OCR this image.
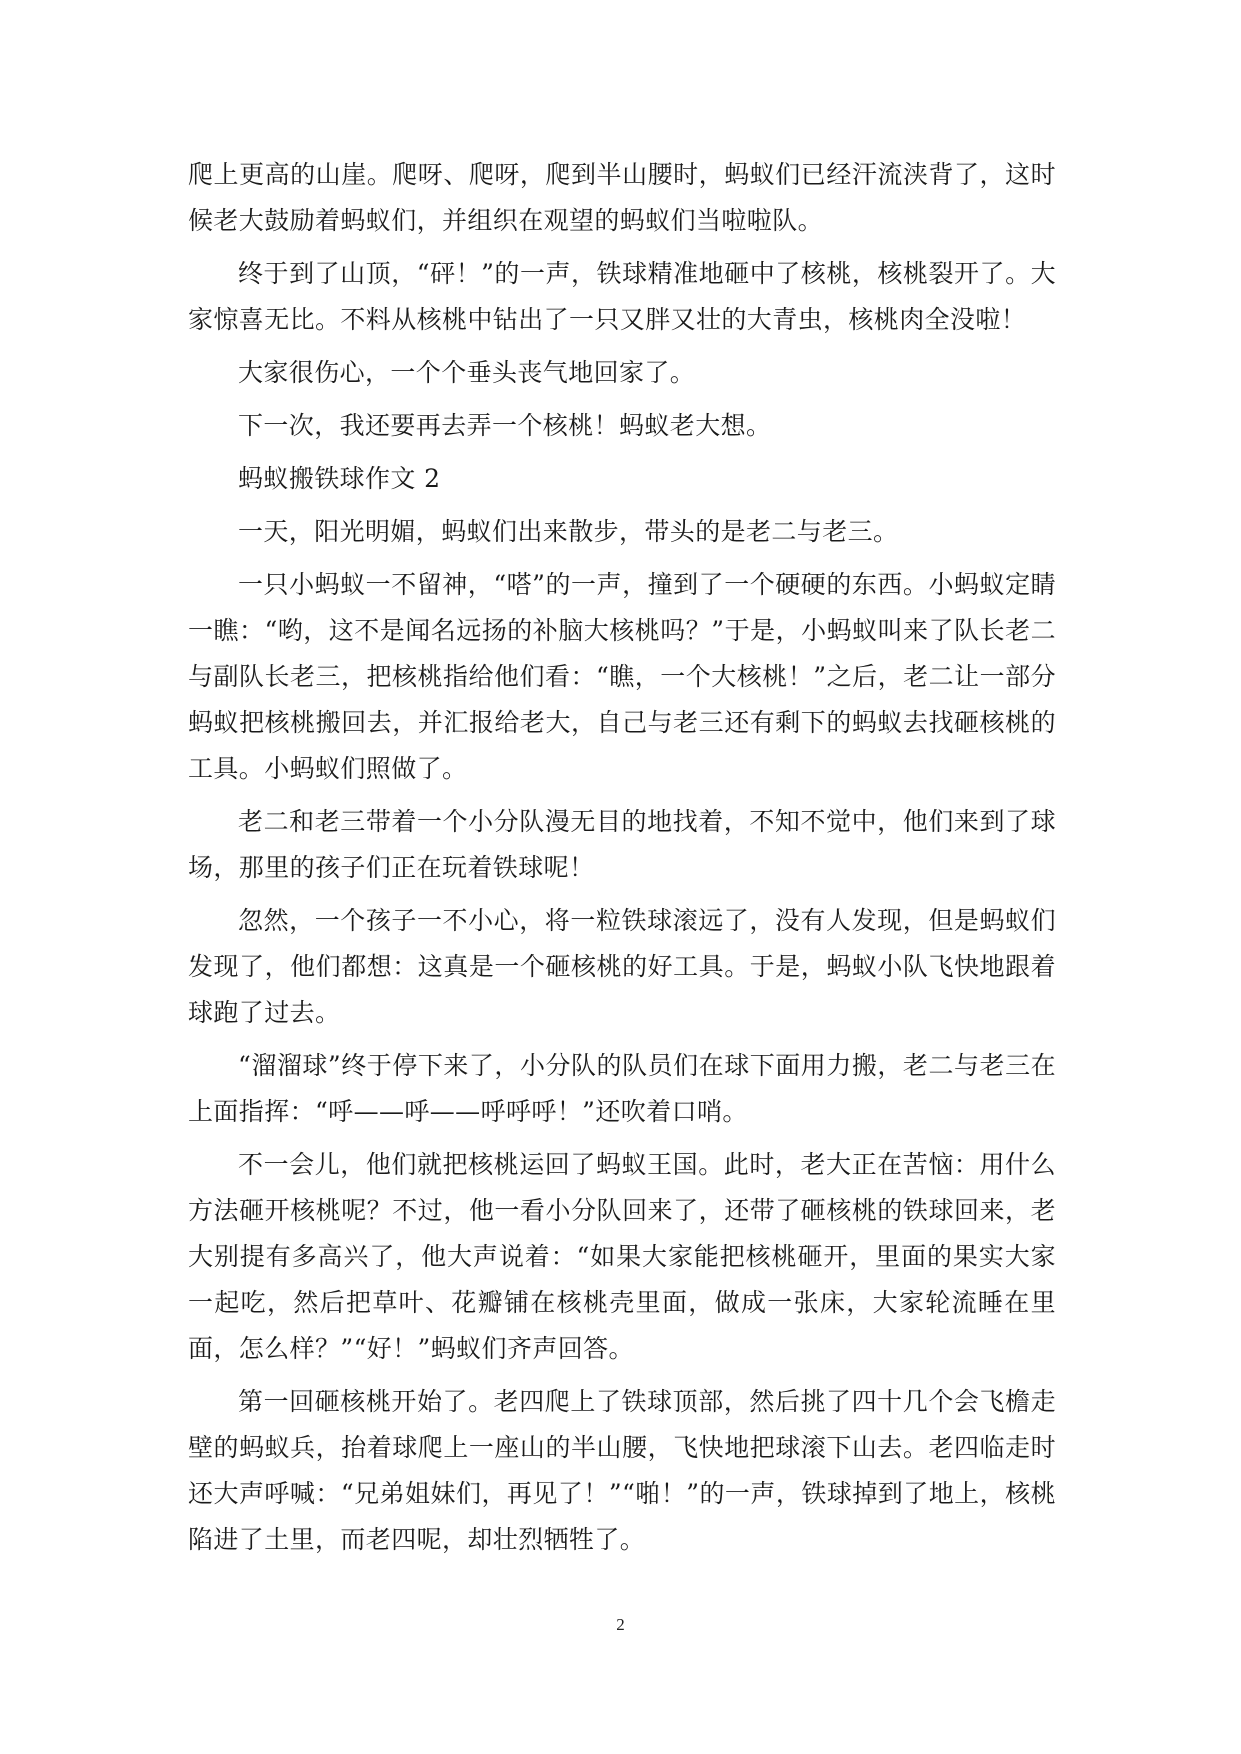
爬上更高的山崖。爬呀、爬呀，爬到半山腰时，蚂蚁们已经汗流浃背了，这时候老大鼓励着蚂蚁们，并组织在观望的蚂蚁们当啦啦队。

终于到了山顶，“砰！”的一声，铁球精准地砸中了核桃，核桃裂开了。大家惊喜无比。不料从核桃中钻出了一只又胖又壮的大青虫，核桃肉全没啦！

大家很伤心，一个个垂头丧气地回家了。

下一次，我还要再去弄一个核桃！蚂蚁老大想。

蚂蚁搬铁球作文 2

一天，阳光明媚，蚂蚁们出来散步，带头的是老二与老三。

一只小蚂蚁一不留神，“嗒”的一声，撞到了一个硬硬的东西。小蚂蚁定睛一瞧：“哟，这不是闻名远扬的补脑大核桃吗？”于是，小蚂蚁叫来了队长老二与副队长老三，把核桃指给他们看：“瞧，一个大核桃！”之后，老二让一部分蚂蚁把核桃搬回去，并汇报给老大，自己与老三还有剩下的蚂蚁去找砸核桃的工具。小蚂蚁们照做了。

老二和老三带着一个小分队漫无目的地找着，不知不觉中，他们来到了球场，那里的孩子们正在玩着铁球呢！

忽然，一个孩子一不小心，将一粒铁球滚远了，没有人发现，但是蚂蚁们发现了，他们都想：这真是一个砸核桃的好工具。于是，蚂蚁小队飞快地跟着球跑了过去。

“溜溜球”终于停下来了，小分队的队员们在球下面用力搬，老二与老三在上面指挥：“呼——呼——呼呼呼！”还吹着口哨。

不一会儿，他们就把核桃运回了蚂蚁王国。此时，老大正在苦恼：用什么方法砸开核桃呢？不过，他一看小分队回来了，还带了砸核桃的铁球回来，老大别提有多高兴了，他大声说着：“如果大家能把核桃砸开，里面的果实大家一起吃，然后把草叶、花瓣铺在核桃壳里面，做成一张床，大家轮流睡在里面，怎么样？”“好！”蚂蚁们齐声回答。

第一回砸核桃开始了。老四爬上了铁球顶部，然后挑了四十几个会飞檐走壁的蚂蚁兵，抬着球爬上一座山的半山腰，飞快地把球滚下山去。老四临走时还大声呼喊：“兄弟姐妹们，再见了！”“啪！”的一声，铁球掉到了地上，核桃陷进了土里，而老四呢，却壮烈牺牲了。

2
